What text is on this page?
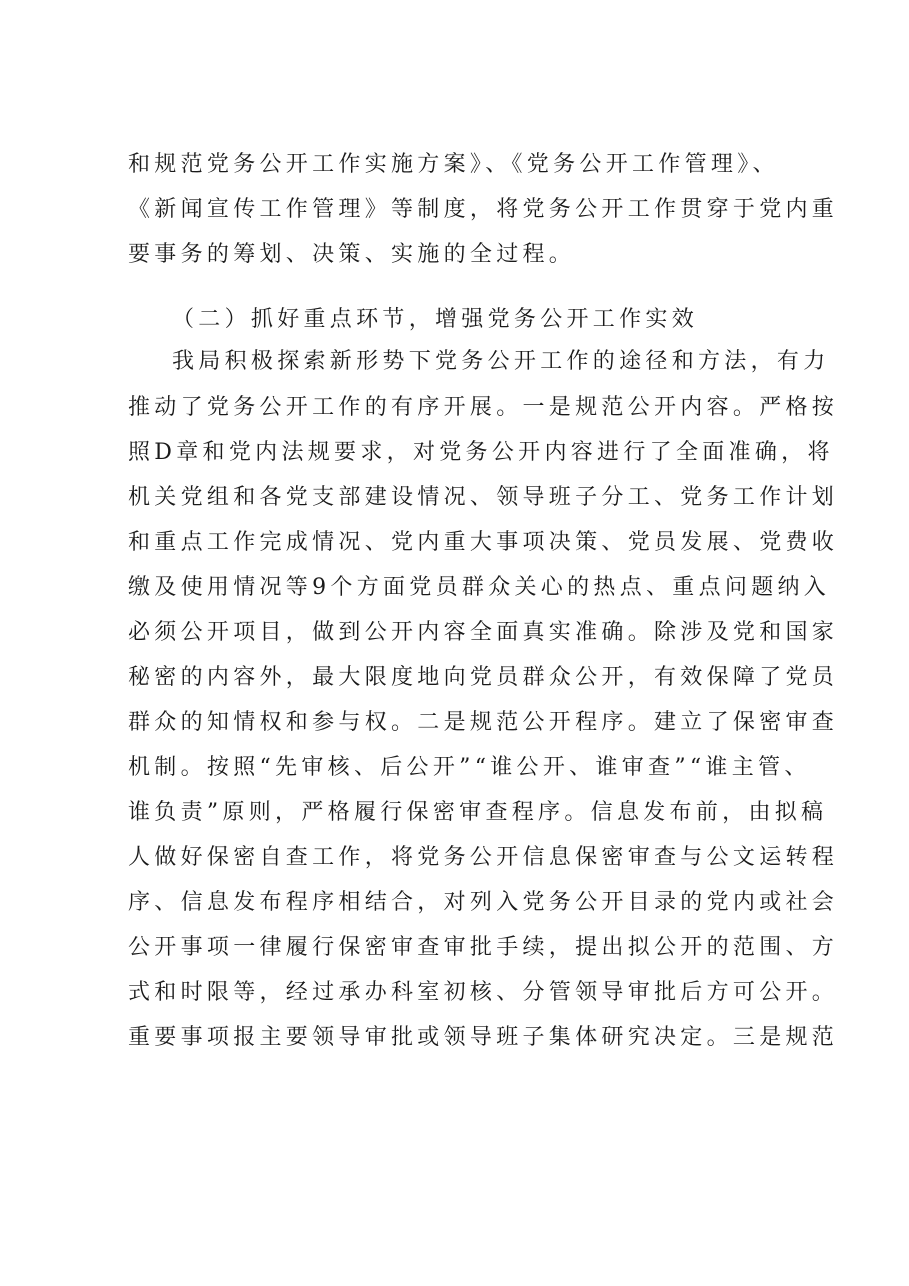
和规范党务公开工作实施方案》、《党务公开工作管理》、
《新闻宣传工作管理》等制度，将党务公开工作贯穿于党内重
要事务的筹划、决策、实施的全过程。
（二）抓好重点环节，增强党务公开工作实效
我局积极探索新形势下党务公开工作的途径和方法，有力
推动了党务公开工作的有序开展。一是规范公开内容。严格按
照D章和党内法规要求，对党务公开内容进行了全面准确，将
机关党组和各党支部建设情况、领导班子分工、党务工作计划
和重点工作完成情况、党内重大事项决策、党员发展、党费收
缴及使用情况等9个方面党员群众关心的热点、重点问题纳入
必须公开项目，做到公开内容全面真实准确。除涉及党和国家
秘密的内容外，最大限度地向党员群众公开，有效保障了党员
群众的知情权和参与权。二是规范公开程序。建立了保密审查
机制。按照“先审核、后公开”“谁公开、谁审查”“谁主管、
谁负责”原则，严格履行保密审查程序。信息发布前，由拟稿
人做好保密自查工作，将党务公开信息保密审查与公文运转程
序、信息发布程序相结合，对列入党务公开目录的党内或社会
公开事项一律履行保密审查审批手续，提出拟公开的范围、方
式和时限等，经过承办科室初核、分管领导审批后方可公开。
重要事项报主要领导审批或领导班子集体研究决定。三是规范
